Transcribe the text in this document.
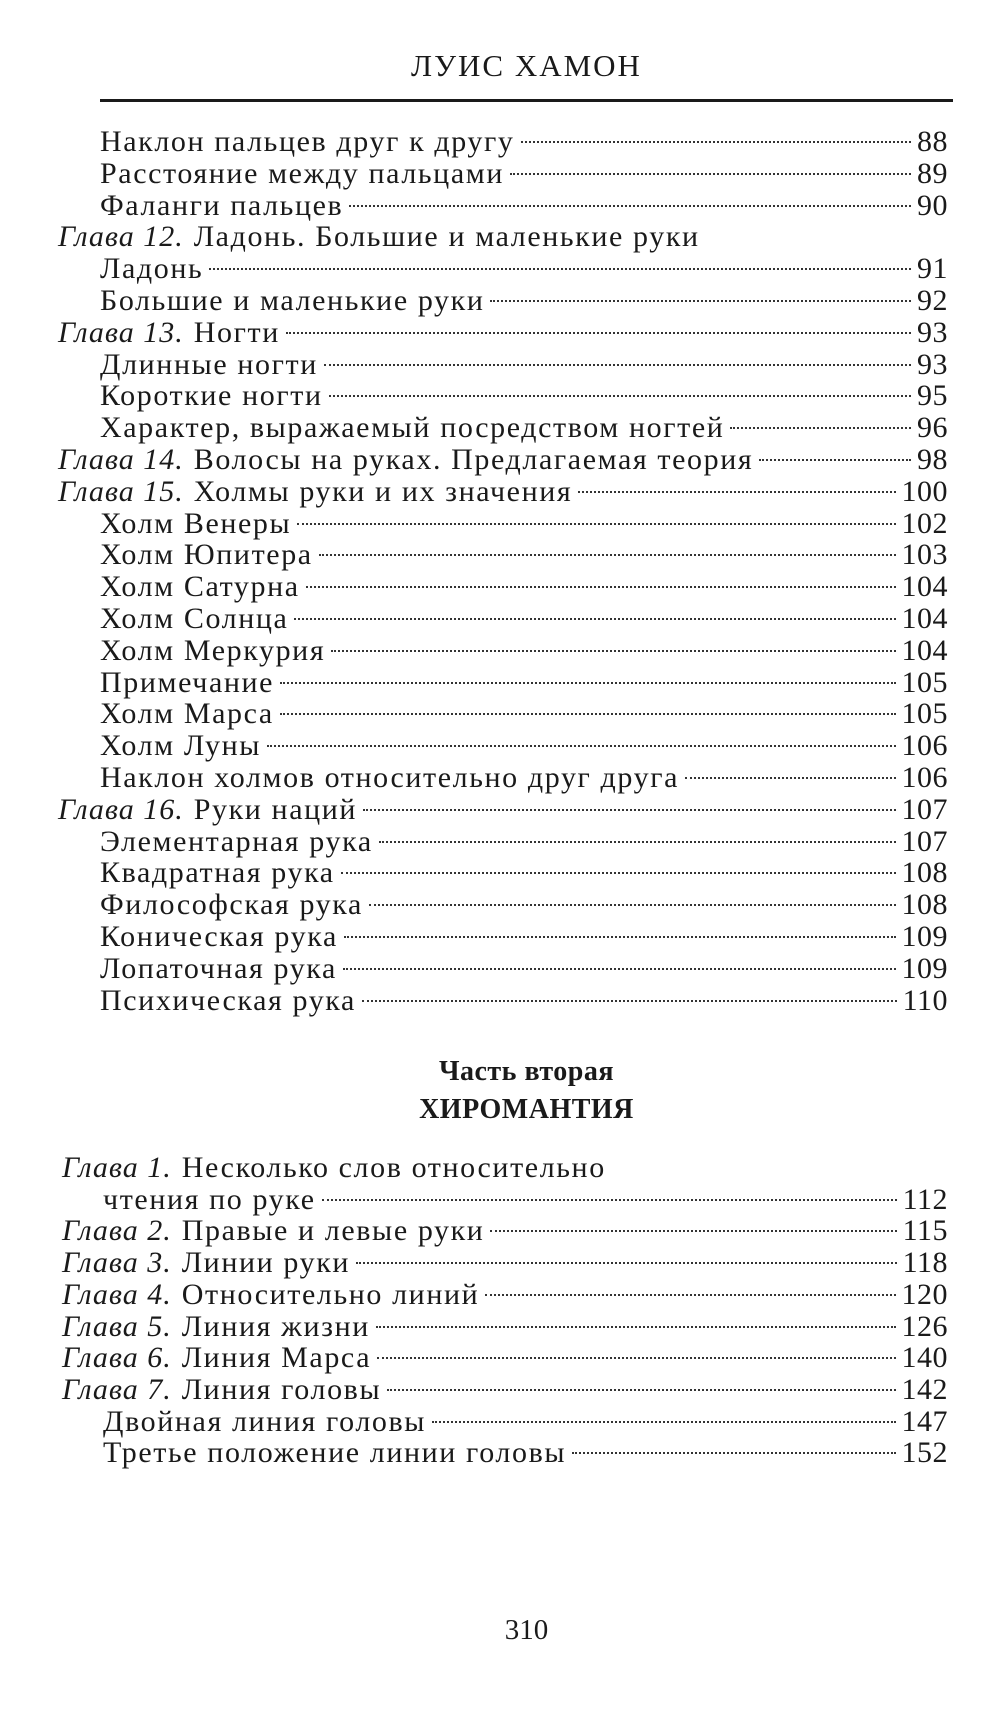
ЛУИС ХАМОН
Наклон пальцев друг к другу	88
Расстояние между пальцами	89
Фаланги пальцев	90
Глава 12. Ладонь. Большие и маленькие руки
Ладонь	91
Большие и маленькие руки	92
Глава 13. Ногти	93
Длинные ногти	93
Короткие ногти	95
Характер, выражаемый посредством ногтей	96
Глава 14. Волосы на руках. Предлагаемая теория	98
Глава 15. Холмы руки и их значения	100
Холм Венеры	102
Холм Юпитера	103
Холм Сатурна	104
Холм Солнца	104
Холм Меркурия	104
Примечание	105
Холм Марса	105
Холм Луны	106
Наклон холмов относительно друг друга	106
Глава 16. Руки наций	107
Элементарная рука	107
Квадратная рука	108
Философская рука	108
Коническая рука	109
Лопаточная рука	109
Психическая рука	110
Часть вторая
ХИРОМАНТИЯ
Глава 1. Несколько слов относительно
чтения по руке	112
Глава 2. Правые и левые руки	115
Глава 3. Линии руки	118
Глава 4. Относительно линий	120
Глава 5. Линия жизни	126
Глава 6. Линия Марса	140
Глава 7. Линия головы	142
Двойная линия головы	147
Третье положение линии головы	152
310
